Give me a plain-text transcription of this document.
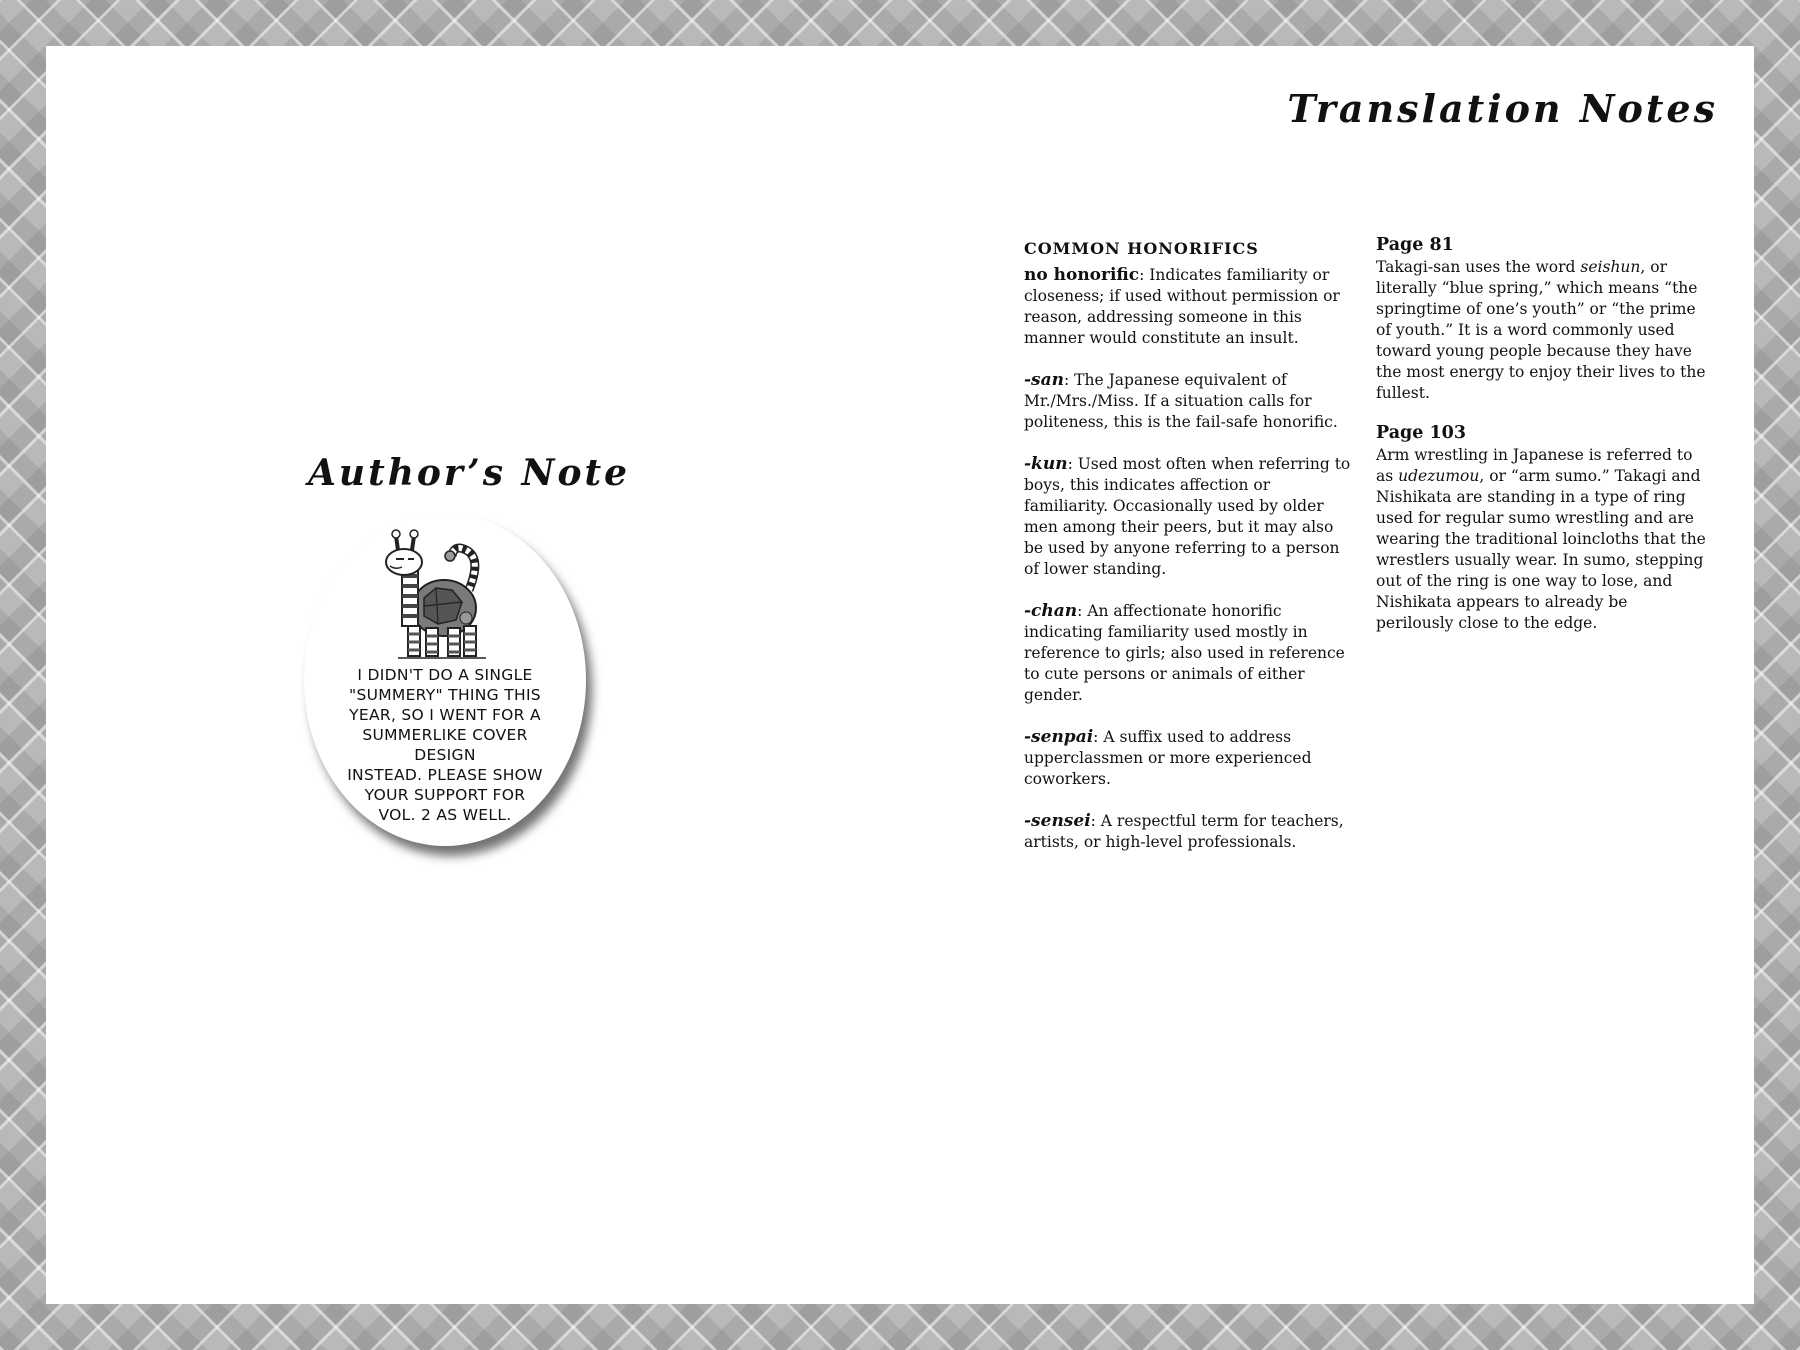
Translation Notes
Author’s Note
I DIDN'T DO A SINGLE
"SUMMERY" THING THIS
YEAR, SO I WENT FOR A
SUMMERLIKE COVER DESIGN
INSTEAD. PLEASE SHOW
YOUR SUPPORT FOR
VOL. 2 AS WELL.
COMMON HONORIFICS

no honorific: Indicates familiarity or closeness; if used without permission or reason, addressing someone in this manner would constitute an insult.

-san: The Japanese equivalent of Mr./Mrs./Miss. If a situation calls for politeness, this is the fail-safe honorific.

-kun: Used most often when referring to boys, this indicates affection or familiarity. Occasionally used by older men among their peers, but it may also be used by anyone referring to a person of lower standing.

-chan: An affectionate honorific indicating familiarity used mostly in reference to girls; also used in reference to cute persons or animals of either gender.

-senpai: A suffix used to address upperclassmen or more experienced coworkers.

-sensei: A respectful term for teachers, artists, or high-level professionals.

Page 81

Takagi-san uses the word seishun, or literally “blue spring,” which means “the springtime of one’s youth” or “the prime of youth.” It is a word commonly used toward young people because they have the most energy to enjoy their lives to the fullest.

Page 103

Arm wrestling in Japanese is referred to as udezumou, or “arm sumo.” Takagi and Nishikata are standing in a type of ring used for regular sumo wrestling and are wearing the traditional loincloths that the wrestlers usually wear. In sumo, stepping out of the ring is one way to lose, and Nishikata appears to already be perilously close to the edge.
